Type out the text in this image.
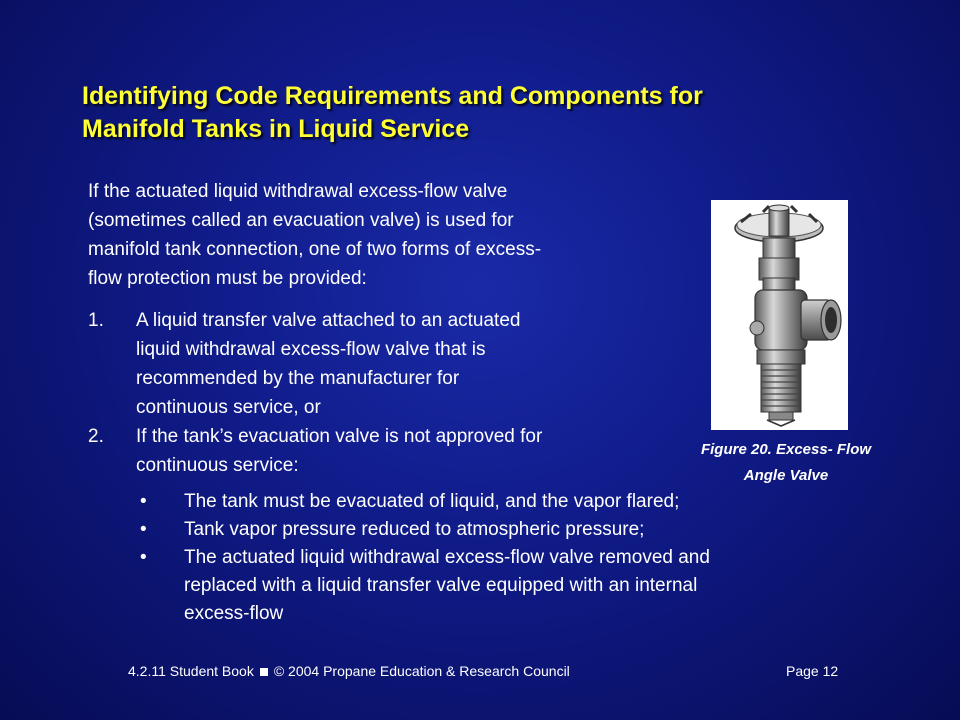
Identifying Code Requirements and Components for
Manifold Tanks in Liquid Service
If the actuated liquid withdrawal excess-flow valve
(sometimes called an evacuation valve) is used for
manifold tank connection, one of two forms of excess-
flow protection must be provided:
1. A liquid transfer valve attached to an actuated
liquid withdrawal excess-flow valve that is
recommended by the manufacturer for
continuous service, or
2. If the tank’s evacuation valve is not approved for
continuous service:
• The tank must be evacuated of liquid, and the vapor flared;
• Tank vapor pressure reduced to atmospheric pressure;
• The actuated liquid withdrawal excess-flow valve removed and
replaced with a liquid transfer valve equipped with an internal
excess-flow
Figure 20. Excess- Flow
Angle Valve
4.2.11 Student Book © 2004 Propane Education & Research Council	Page 12
